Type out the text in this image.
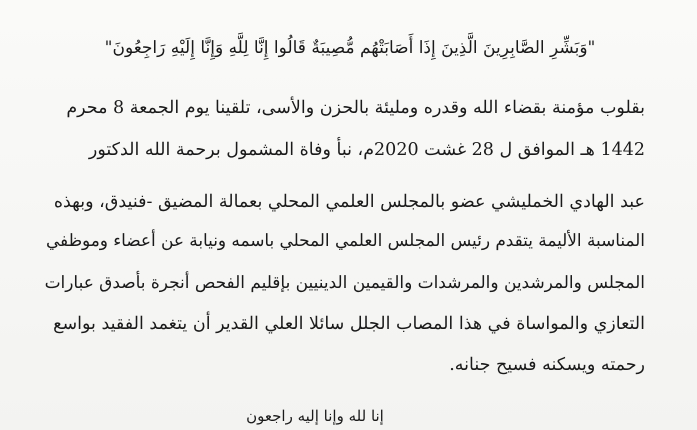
"وَبَشِّرِ الصَّابِرِينَ الَّذِينَ إِذَا أَصَابَتْهُم مُّصِيبَةٌ قَالُوا إِنَّا لِلَّهِ وَإِنَّا إِلَيْهِ رَاجِعُونَ"
بقلوب مؤمنة بقضاء الله وقدره ومليئة بالحزن والأسى، تلقينا يوم الجمعة 8 محرم
1442 هـ الموافق ل 28 غشت 2020م، نبأ وفاة المشمول برحمة الله الدكتور
عبد الهادي الخمليشي عضو بالمجلس العلمي المحلي بعمالة المضيق -فنيدق، وبهذه
المناسبة الأليمة يتقدم رئيس المجلس العلمي المحلي باسمه ونيابة عن أعضاء وموظفي
المجلس والمرشدين والمرشدات والقيمين الدينيين بإقليم الفحص أنجرة بأصدق عبارات
التعازي والمواساة في هذا المصاب الجلل سائلا العلي القدير أن يتغمد الفقيد بواسع
رحمته ويسكنه فسيح جنانه.
إنا لله وإنا إليه راجعون
